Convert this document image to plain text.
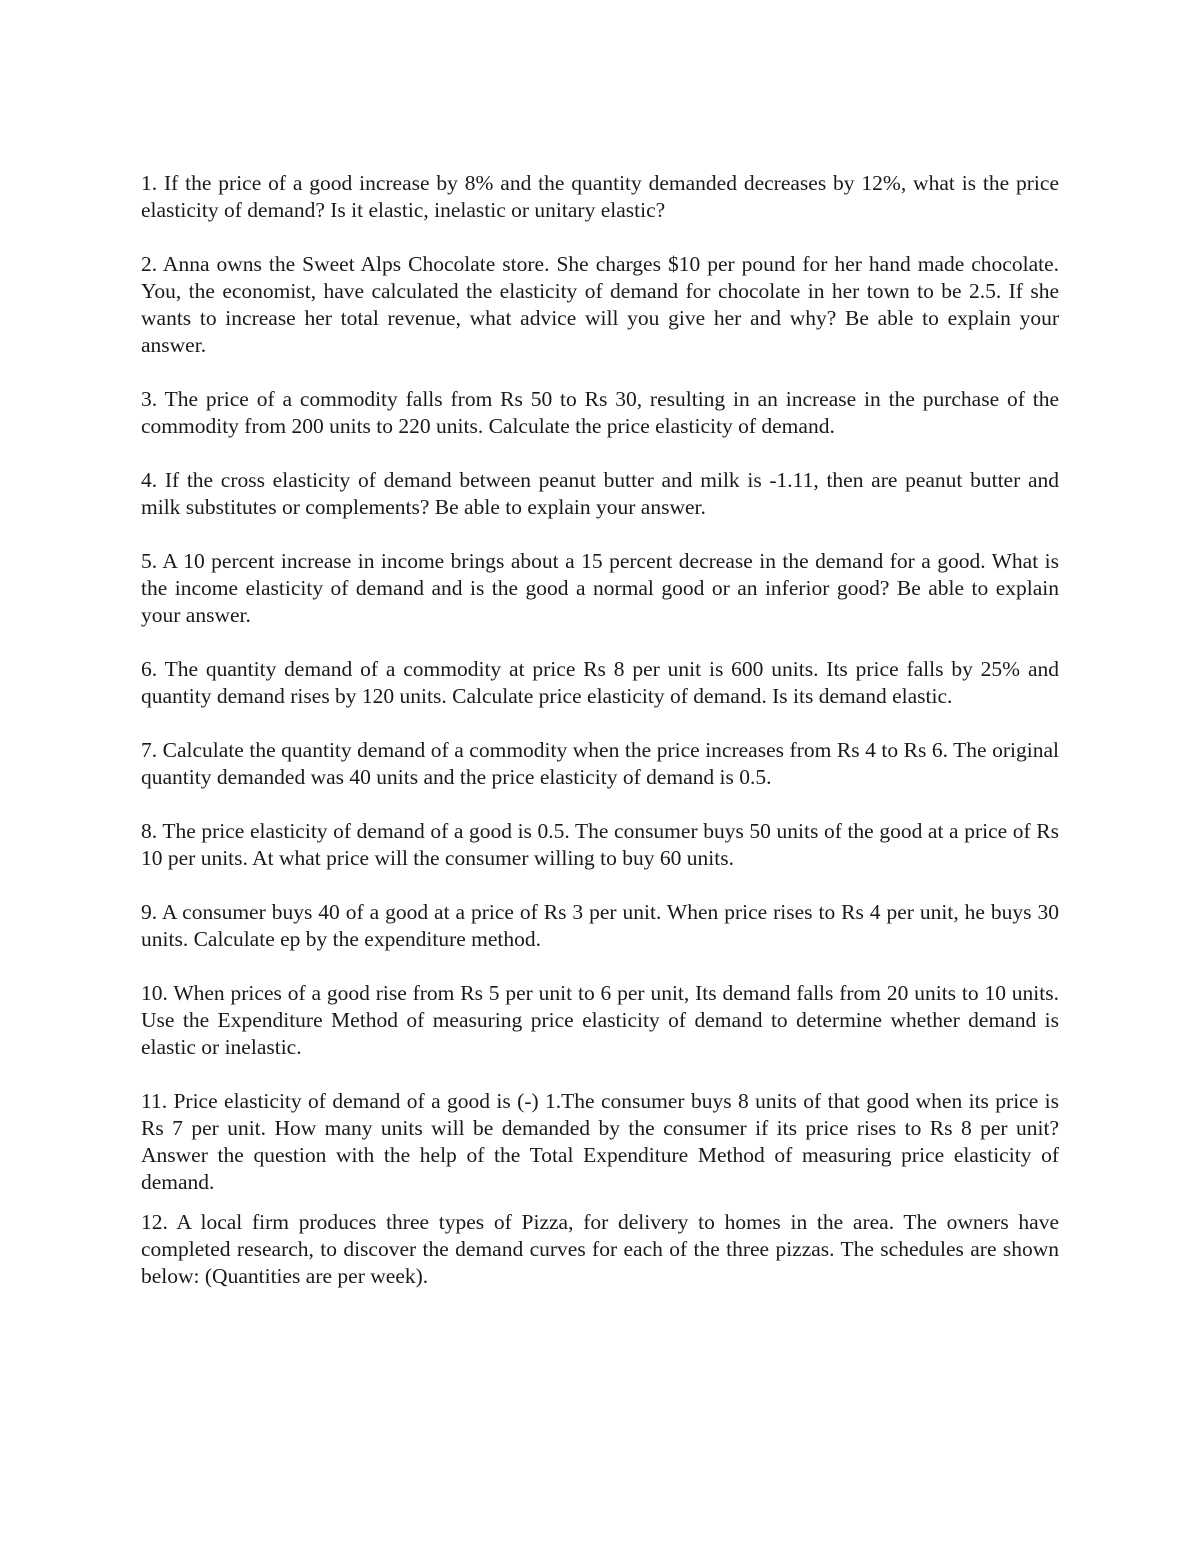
1. If the price of a good increase by 8% and the quantity demanded decreases by 12%, what is the price elasticity of demand? Is it elastic, inelastic or unitary elastic?

2. Anna owns the Sweet Alps Chocolate store. She charges $10 per pound for her hand made chocolate. You, the economist, have calculated the elasticity of demand for chocolate in her town to be 2.5. If she wants to increase her total revenue, what advice will you give her and why? Be able to explain your answer.

3. The price of a commodity falls from Rs 50 to Rs 30, resulting in an increase in the purchase of the commodity from 200 units to 220 units. Calculate the price elasticity of demand.

4. If the cross elasticity of demand between peanut butter and milk is -1.11, then are peanut butter and milk substitutes or complements? Be able to explain your answer.

5. A 10 percent increase in income brings about a 15 percent decrease in the demand for a good. What is the income elasticity of demand and is the good a normal good or an inferior good? Be able to explain your answer.

6. The quantity demand of a commodity at price Rs 8 per unit is 600 units. Its price falls by 25% and quantity demand rises by 120 units. Calculate price elasticity of demand. Is its demand elastic.

7. Calculate the quantity demand of a commodity when the price increases from Rs 4 to Rs 6. The original quantity demanded was 40 units and the price elasticity of demand is 0.5.

8. The price elasticity of demand of a good is 0.5. The consumer buys 50 units of the good at a price of Rs 10 per units. At what price will the consumer willing to buy 60 units.

9. A consumer buys 40 of a good at a price of Rs 3 per unit. When price rises to Rs 4 per unit, he buys 30 units. Calculate ep by the expenditure method.

10. When prices of a good rise from Rs 5 per unit to 6 per unit, Its demand falls from 20 units to 10 units. Use the Expenditure Method of measuring price elasticity of demand to determine whether demand is elastic or inelastic.

11. Price elasticity of demand of a good is (-) 1.The consumer buys 8 units of that good when its price is Rs 7 per unit. How many units will be demanded by the consumer if its price rises to Rs 8 per unit? Answer the question with the help of the Total Expenditure Method of measuring price elasticity of demand.

12. A local firm produces three types of Pizza, for delivery to homes in the area. The owners have completed research, to discover the demand curves for each of the three pizzas. The schedules are shown below: (Quantities are per week).
